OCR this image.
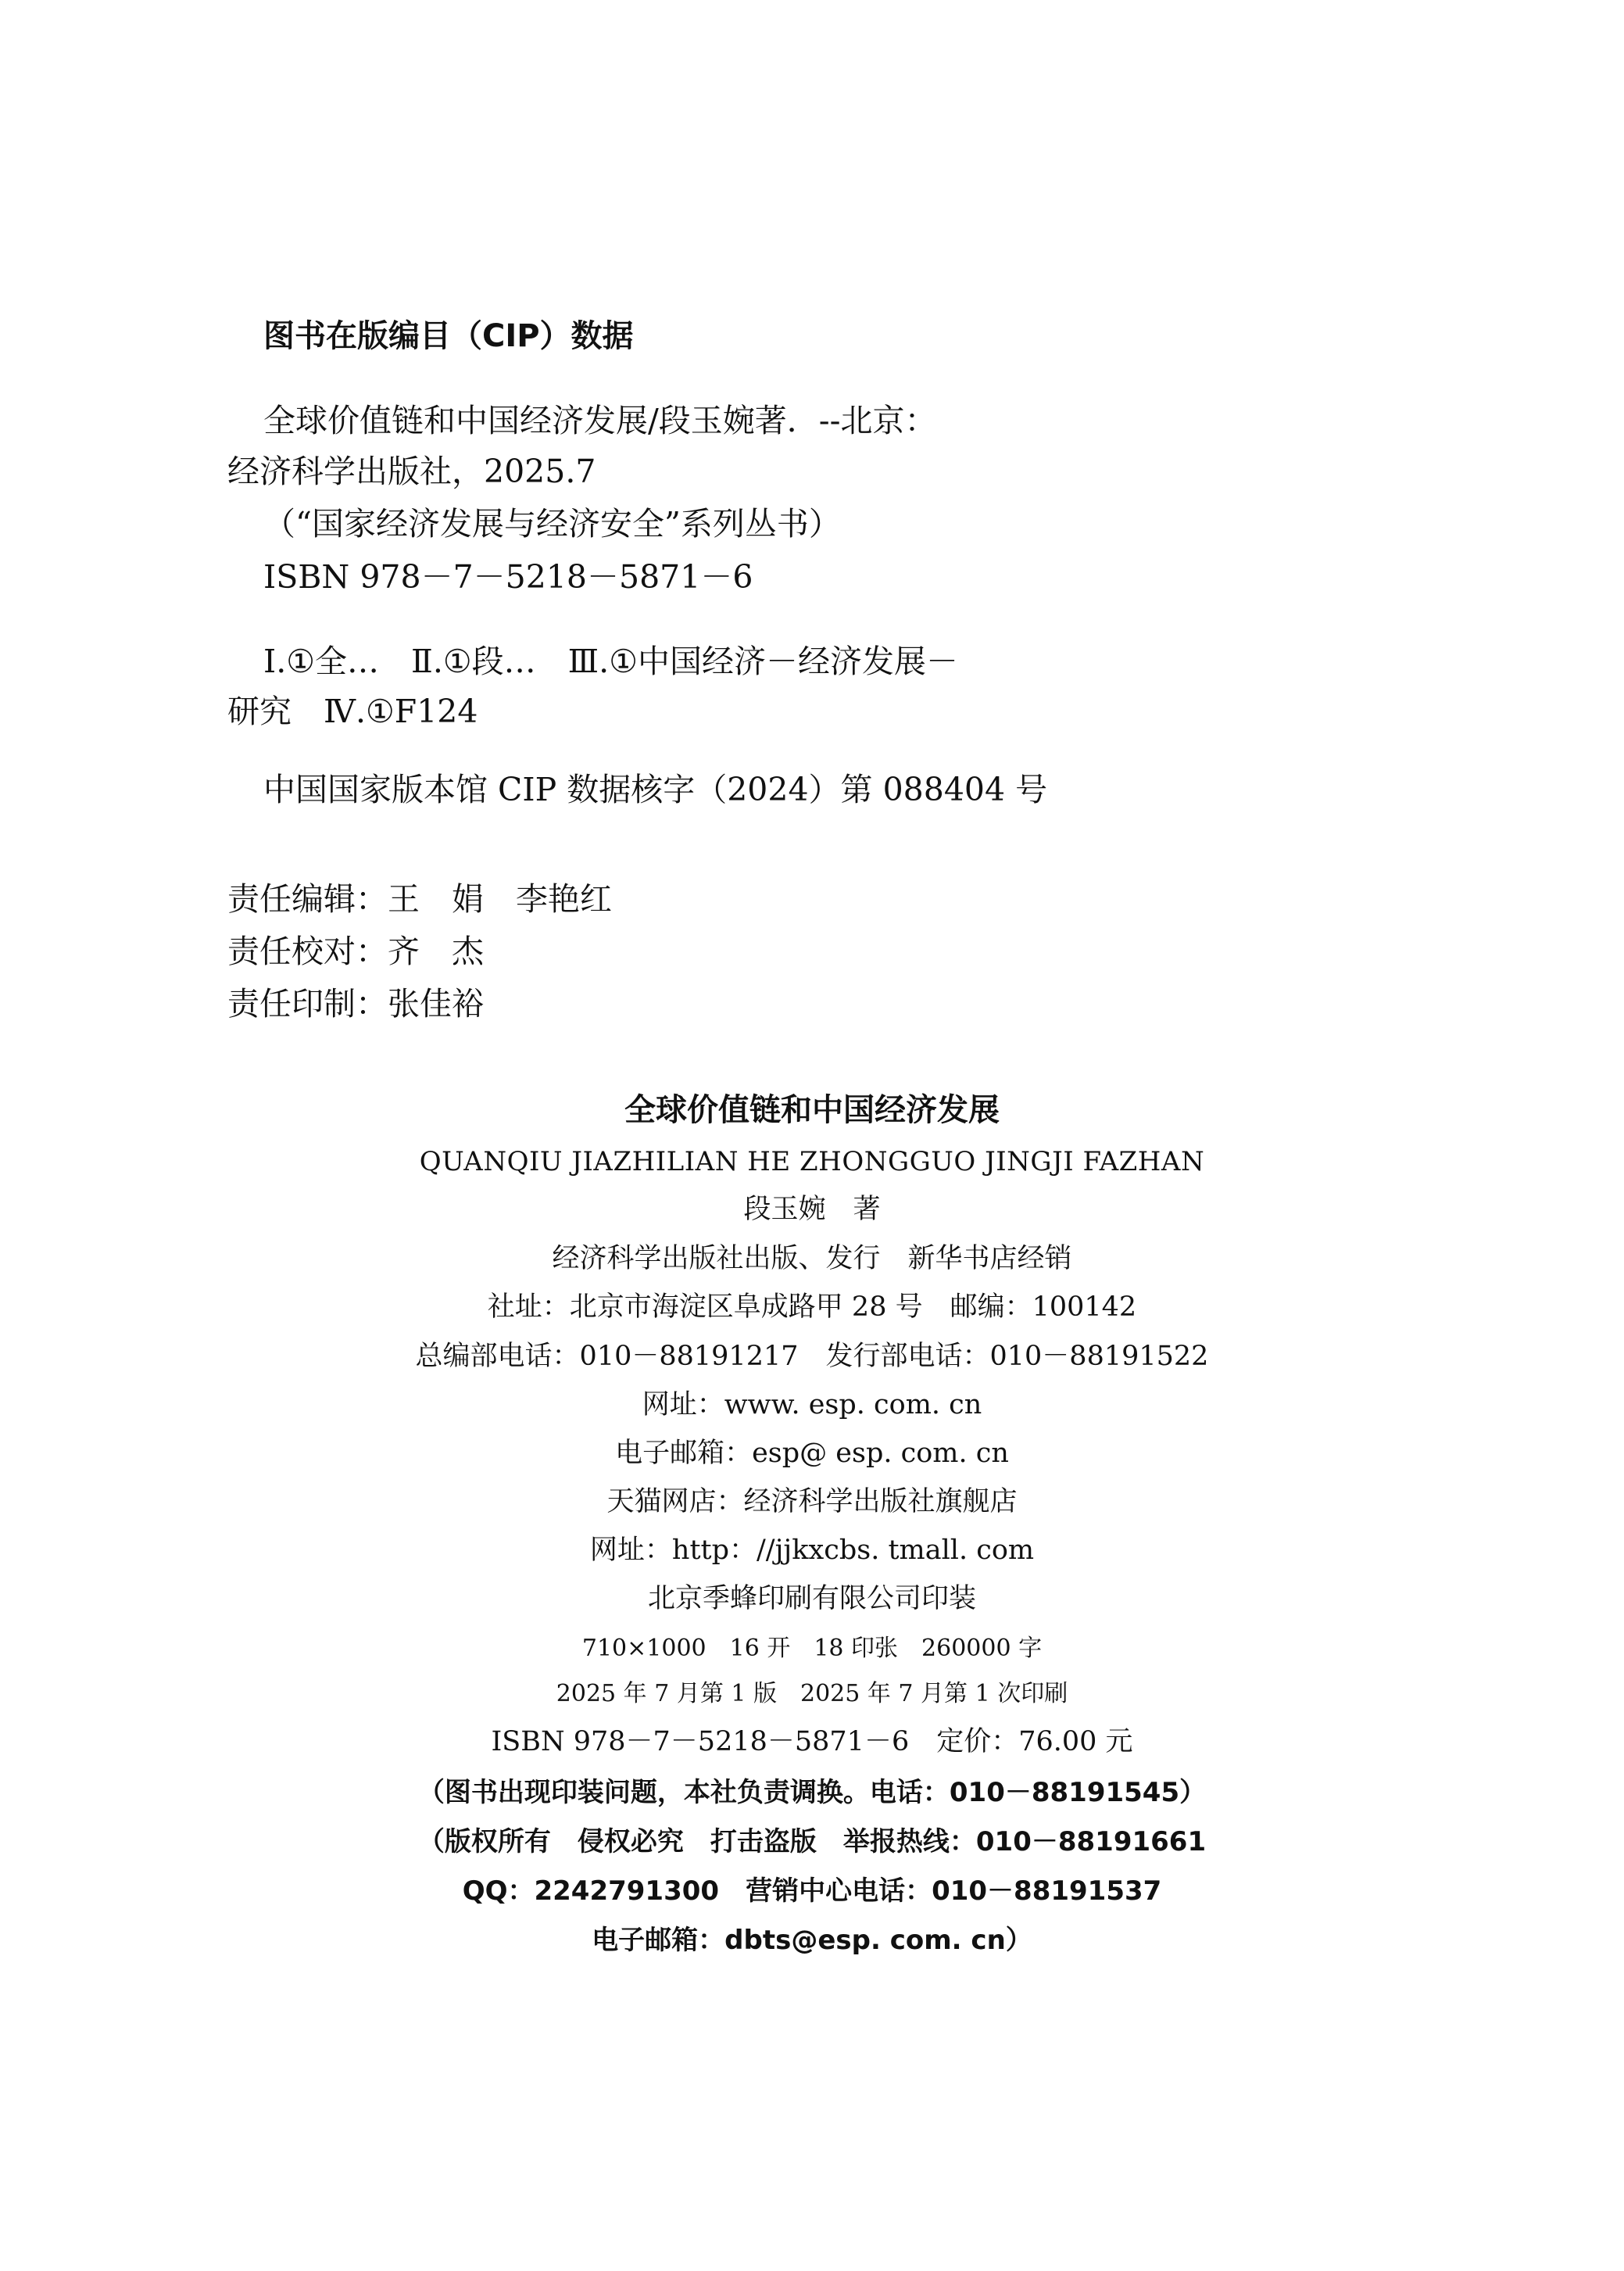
图书在版编目（CIP）数据
全球价值链和中国经济发展/段玉婉著．--北京：
经济科学出版社，2025.7
（“国家经济发展与经济安全”系列丛书）
ISBN 978－7－5218－5871－6
Ⅰ.①全…　Ⅱ.①段…　Ⅲ.①中国经济－经济发展－
研究　Ⅳ.①F124
中国国家版本馆 CIP 数据核字（2024）第 088404 号
责任编辑：王　娟　李艳红
责任校对：齐　杰
责任印制：张佳裕
全球价值链和中国经济发展
QUANQIU JIAZHILIAN HE ZHONGGUO JINGJI FAZHAN
段玉婉　著
经济科学出版社出版、发行　新华书店经销
社址：北京市海淀区阜成路甲 28 号　邮编：100142
总编部电话：010－88191217　发行部电话：010－88191522
网址：www. esp. com. cn
电子邮箱：esp@ esp. com. cn
天猫网店：经济科学出版社旗舰店
网址：http：//jjkxcbs. tmall. com
北京季蜂印刷有限公司印装
710×1000　16 开　18 印张　260000 字
2025 年 7 月第 1 版　2025 年 7 月第 1 次印刷
ISBN 978－7－5218－5871－6　定价：76.00 元
（图书出现印装问题，本社负责调换。电话：010－88191545）
（版权所有　侵权必究　打击盗版　举报热线：010－88191661
QQ：2242791300　营销中心电话：010－88191537
电子邮箱：dbts@esp. com. cn）
